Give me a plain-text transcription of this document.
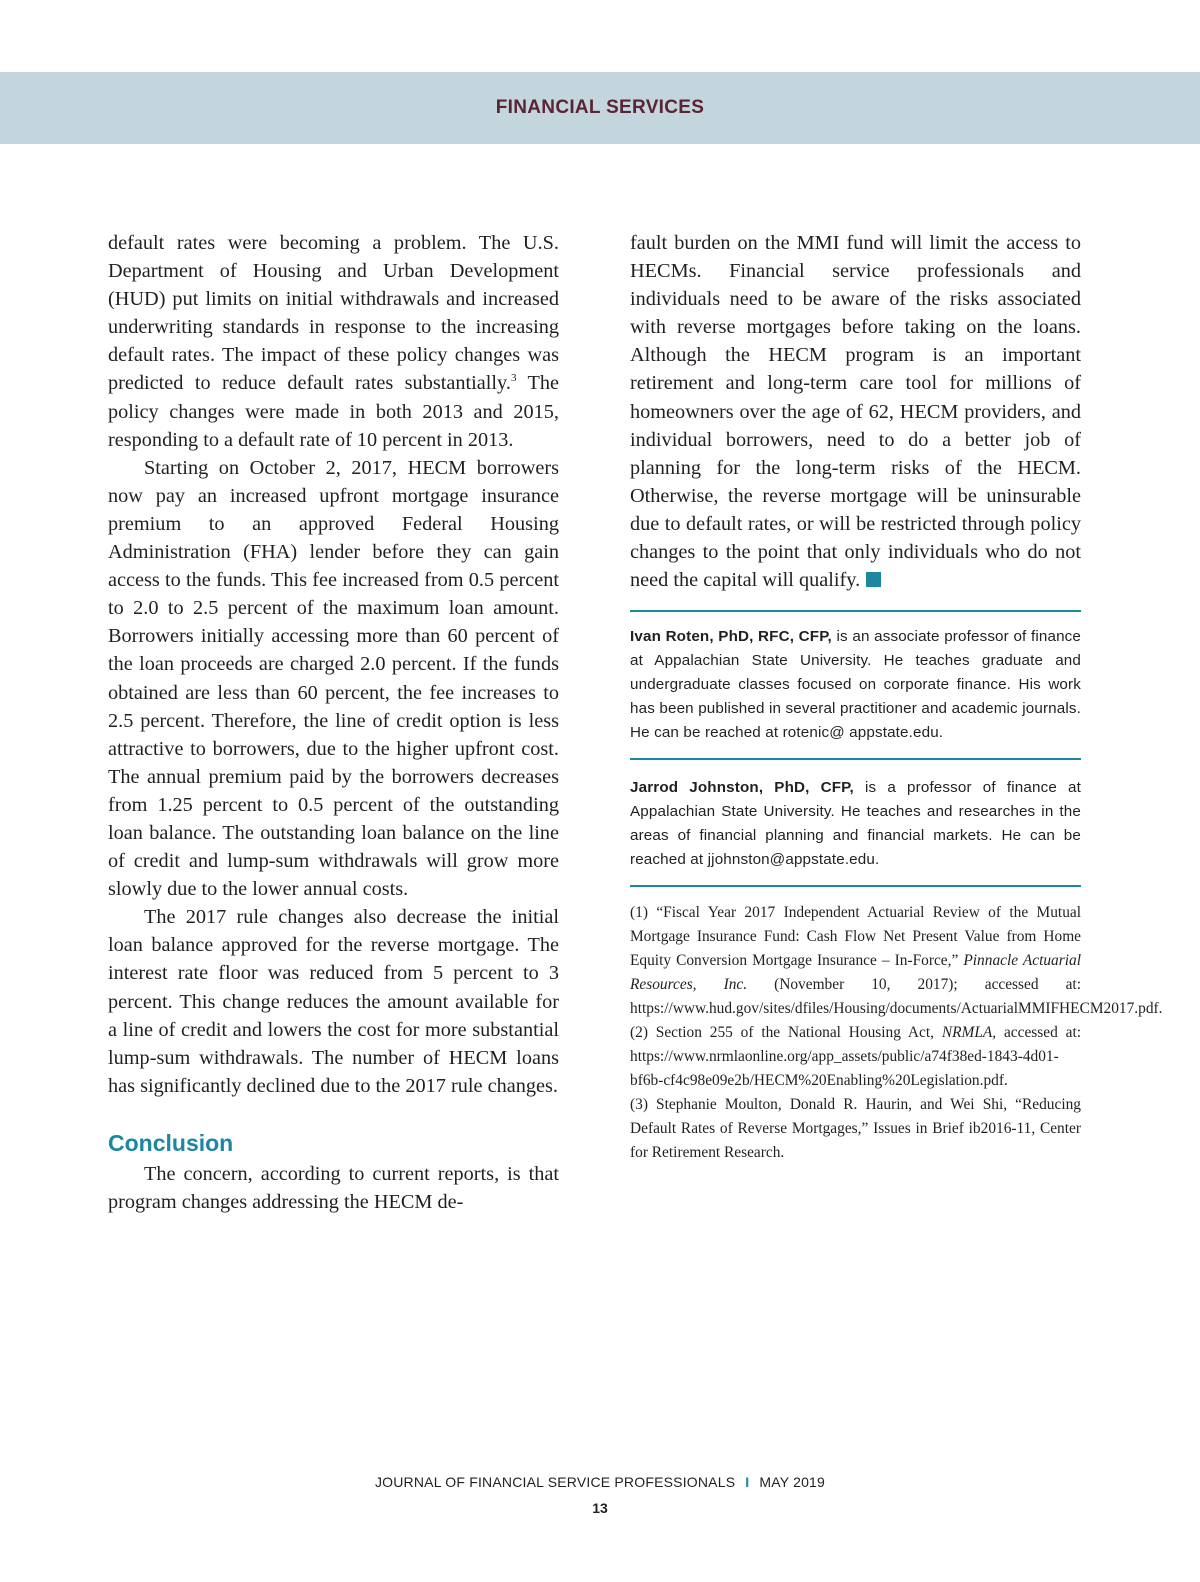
FINANCIAL SERVICES

default rates were becoming a problem. The U.S. Department of Housing and Urban Development (HUD) put limits on initial withdrawals and increased underwriting standards in response to the increasing default rates. The impact of these policy changes was predicted to reduce default rates substantially.$^3$ The policy changes were made in both 2013 and 2015, responding to a default rate of 10 percent in 2013.

Starting on October 2, 2017, HECM borrowers now pay an increased upfront mortgage insurance premium to an approved Federal Housing Administration (FHA) lender before they can gain access to the funds. This fee increased from 0.5 percent to 2.0 to 2.5 percent of the maximum loan amount. Borrowers initially accessing more than 60 percent of the loan proceeds are charged 2.0 percent. If the funds obtained are less than 60 percent, the fee increases to 2.5 percent. Therefore, the line of credit option is less attractive to borrowers, due to the higher upfront cost. The annual premium paid by the borrowers decreases from 1.25 percent to 0.5 percent of the outstanding loan balance. The outstanding loan balance on the line of credit and lump-sum withdrawals will grow more slowly due to the lower annual costs.

The 2017 rule changes also decrease the initial loan balance approved for the reverse mortgage. The interest rate floor was reduced from 5 percent to 3 percent. This change reduces the amount available for a line of credit and lowers the cost for more substantial lump-sum withdrawals. The number of HECM loans has significantly declined due to the 2017 rule changes.

Conclusion

The concern, according to current reports, is that program changes addressing the HECM de-

fault burden on the MMI fund will limit the access to HECMs. Financial service professionals and individuals need to be aware of the risks associated with reverse mortgages before taking on the loans. Although the HECM program is an important retirement and long-term care tool for millions of homeowners over the age of 62, HECM providers, and individual borrowers, need to do a better job of planning for the long-term risks of the HECM. Otherwise, the reverse mortgage will be uninsurable due to default rates, or will be restricted through policy changes to the point that only individuals who do not need the capital will qualify.

Ivan Roten, PhD, RFC, CFP, is an associate professor of finance at Appalachian State University. He teaches graduate and undergraduate classes focused on corporate finance. His work has been published in several practitioner and academic journals. He can be reached at rotenic@ appstate.edu.
Jarrod Johnston, PhD, CFP, is a professor of finance at Appalachian State University. He teaches and researches in the areas of financial planning and financial markets. He can be reached at jjohnston@appstate.edu.

(1) “Fiscal Year 2017 Independent Actuarial Review of the Mutual Mortgage Insurance Fund: Cash Flow Net Present Value from Home Equity Conversion Mortgage Insurance – In-Force,” Pinnacle Actuarial Resources, Inc. (November 10, 2017); accessed at: https://www.hud.gov/sites/dfiles/Housing/documents/ActuarialMMIFHECM2017.pdf.

(2) Section 255 of the National Housing Act, NRMLA, accessed at: https://www.nrmlaonline.org/app_assets/public/a74f38ed-1843-4d01-bf6b-cf4c98e09e2b/HECM%20Enabling%20Legislation.pdf.

(3) Stephanie Moulton, Donald R. Haurin, and Wei Shi, “Reducing Default Rates of Reverse Mortgages,” Issues in Brief ib2016-11, Center for Retirement Research.

JOURNAL OF FINANCIAL SERVICE PROFESSIONALS I MAY 2019
13
